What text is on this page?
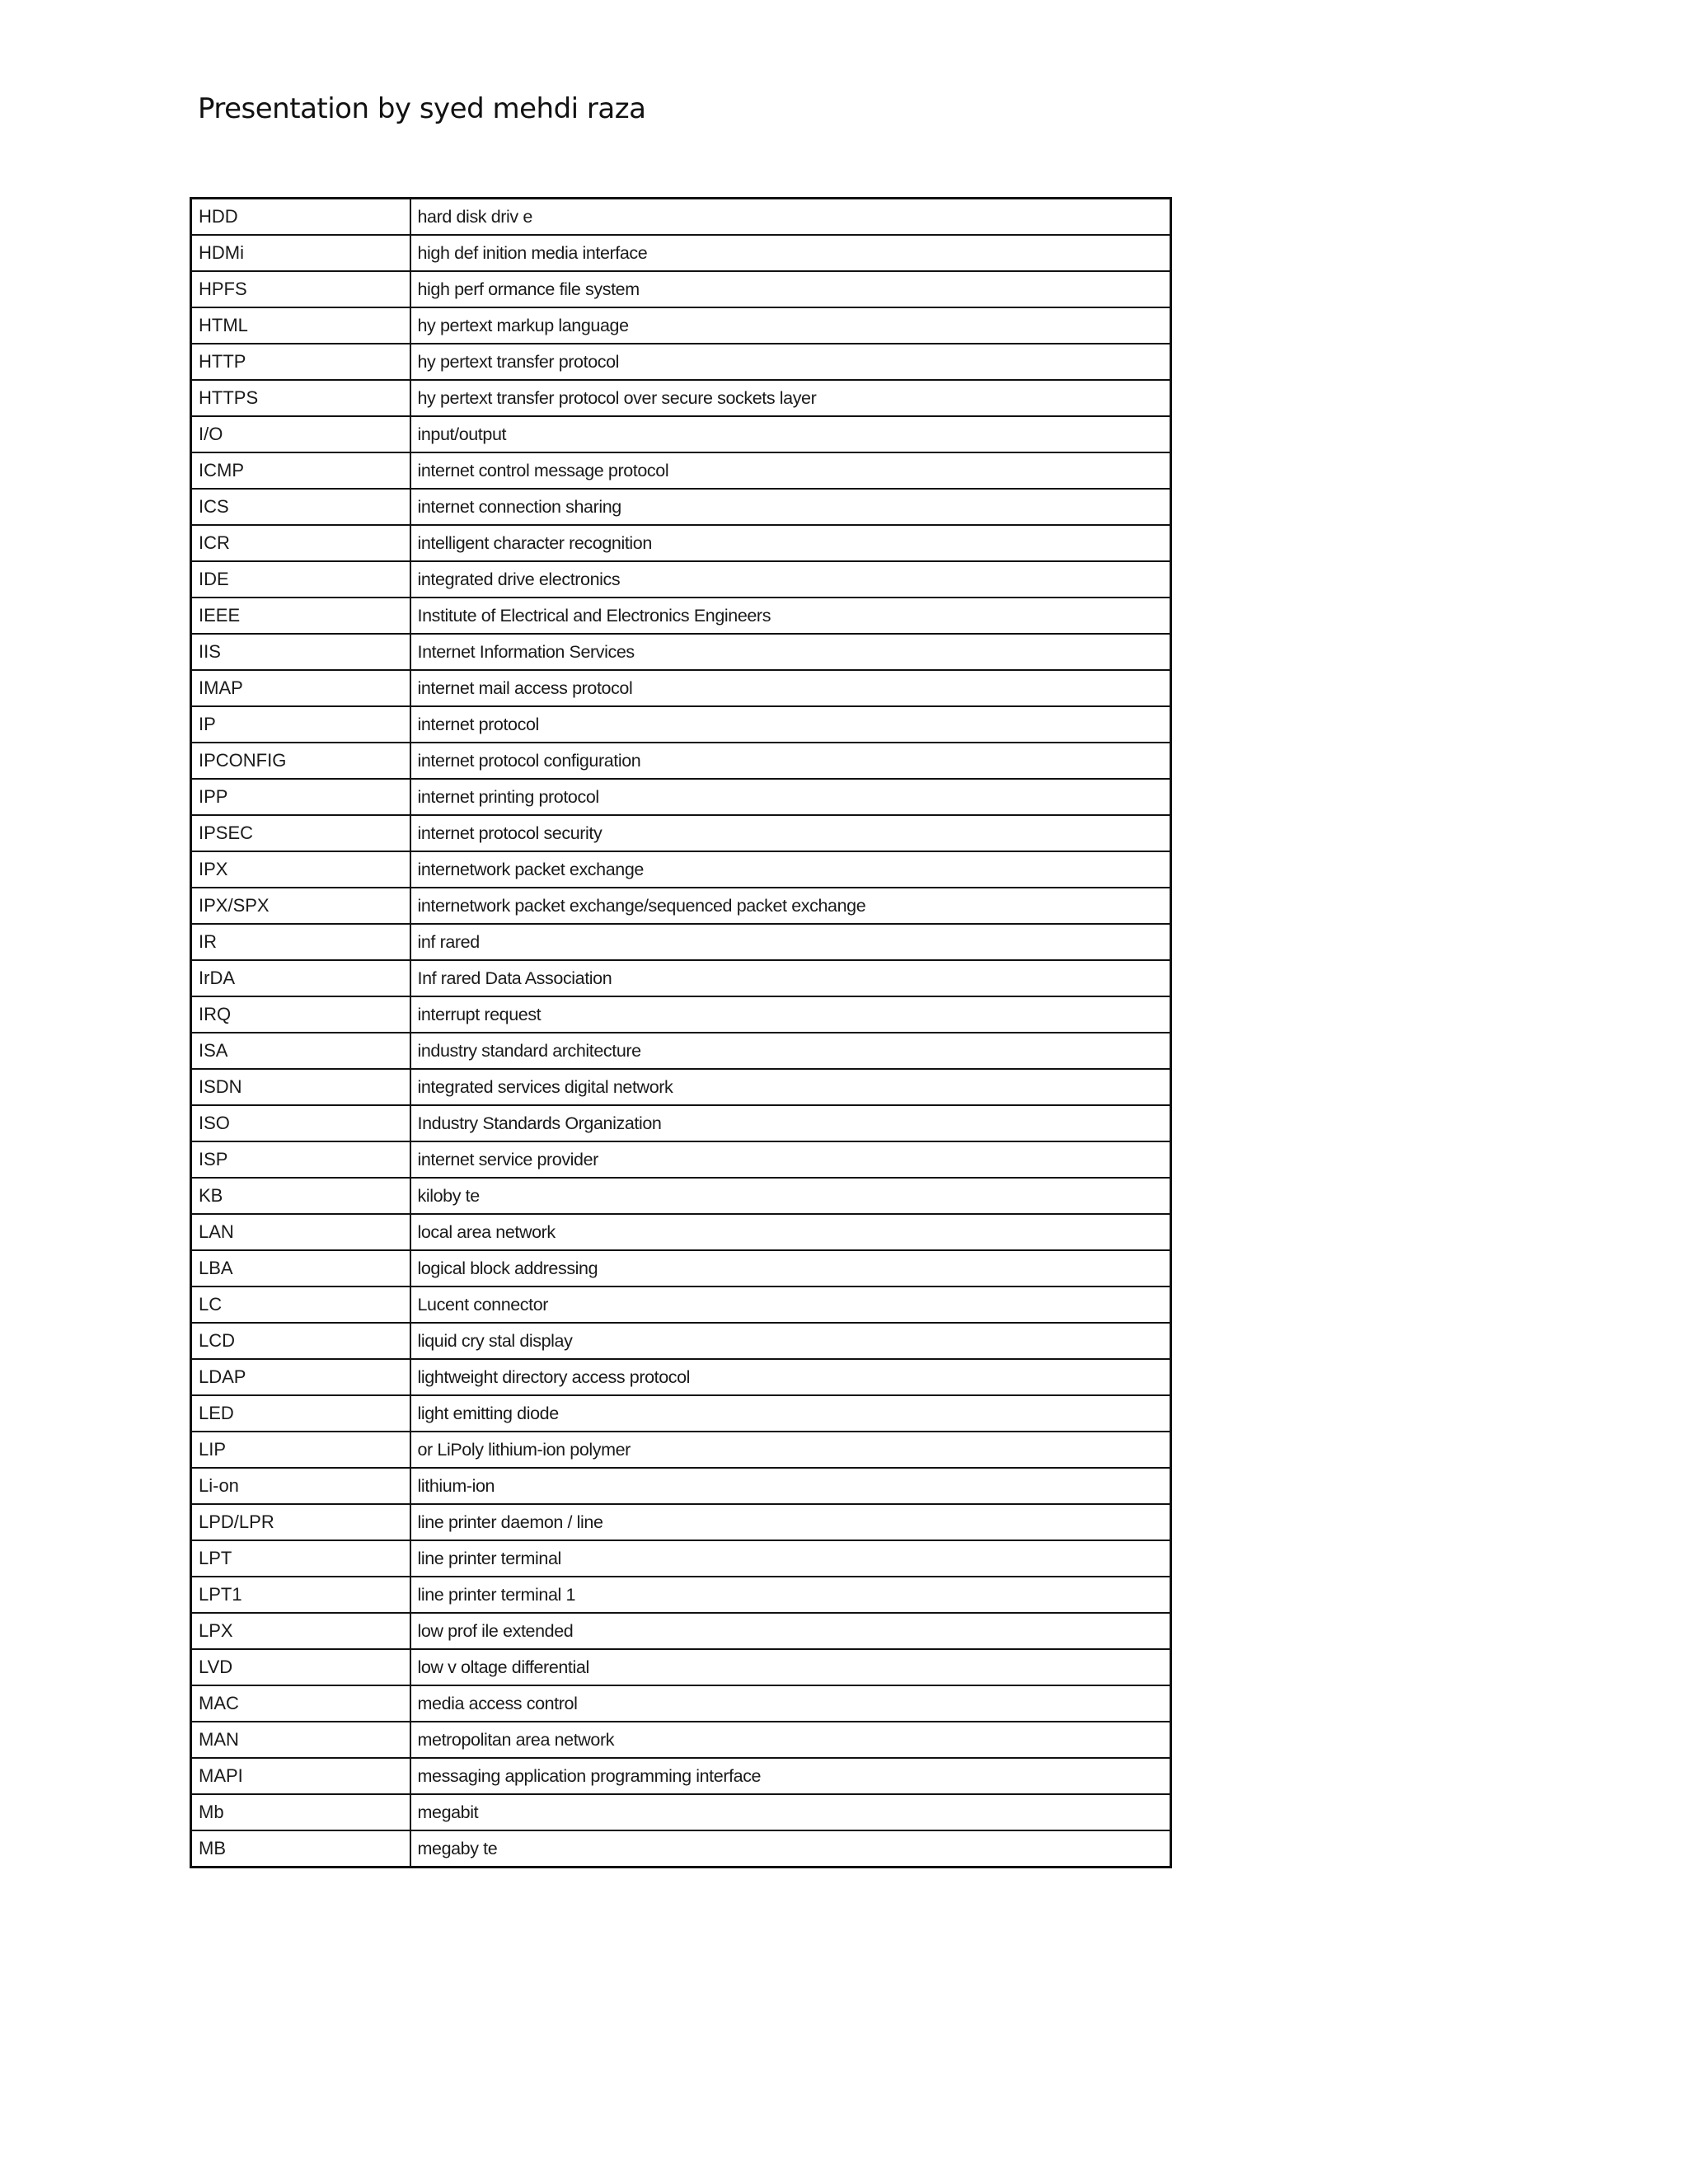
Presentation by syed mehdi raza
HDD	hard disk driv e
HDMi	high def inition media interface
HPFS	high perf ormance file system
HTML	hy pertext markup language
HTTP	hy pertext transfer protocol
HTTPS	hy pertext transfer protocol over secure sockets layer
I/O	input/output
ICMP	internet control message protocol
ICS	internet connection sharing
ICR	intelligent character recognition
IDE	integrated drive electronics
IEEE	Institute of Electrical and Electronics Engineers
IIS	Internet Information Services
IMAP	internet mail access protocol
IP	internet protocol
IPCONFIG	internet protocol configuration
IPP	internet printing protocol
IPSEC	internet protocol security
IPX	internetwork packet exchange
IPX/SPX	internetwork packet exchange/sequenced packet exchange
IR	inf rared
IrDA	Inf rared Data Association
IRQ	interrupt request
ISA	industry standard architecture
ISDN	integrated services digital network
ISO	Industry Standards Organization
ISP	internet service provider
KB	kiloby te
LAN	local area network
LBA	logical block addressing
LC	Lucent connector
LCD	liquid cry stal display
LDAP	lightweight directory access protocol
LED	light emitting diode
LIP	or LiPoly lithium-ion polymer
Li-on	lithium-ion
LPD/LPR	line printer daemon / line
LPT	line printer terminal
LPT1	line printer terminal 1
LPX	low prof ile extended
LVD	low v oltage differential
MAC	media access control
MAN	metropolitan area network
MAPI	messaging application programming interface
Mb	megabit
MB	megaby te
